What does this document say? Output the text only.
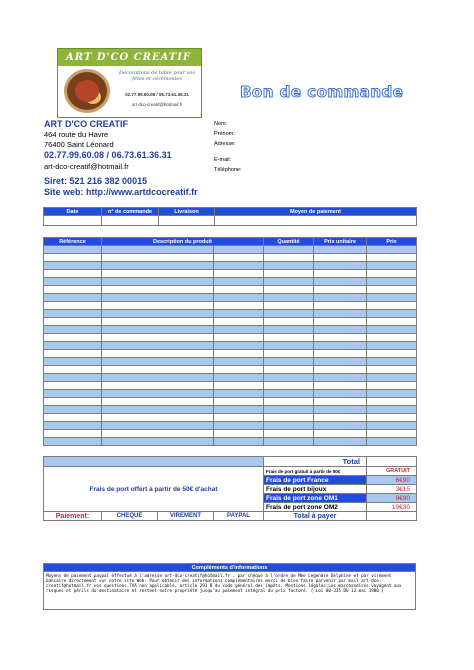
ART D'CO CREATIF
Décorations de table pour vos fêtes et cérémonies
02.77.99.60.08 / 06.73.61.36.31
art-dco-creatif@hotmail.fr
Bon de commande
ART D'CO CREATIF
464 route du Havre
76400 Saint Léonard
02.77.99.60.08 / 06.73.61.36.31
art-dco-creatif@hotmail.fr
Siret: 521 216 382 00015
Site web: http://www.artdcocreatif.fr
Nom:
Prénom:
Adresse:
E-mail:
Téléphone:
Date	n° de commande	Livraison	Moyen de paiement

Référence	Description du produit		Quantité	Prix unitaire	Prix

				Total	
Frais de port offert à partir de 50€ d'achat				Frais de port gratuit à partir de 50€	GRATUIT
				Frais de port France	6€90
				Frais de port bijoux	3€15
				Frais de port zone OM1	9€90
				Frais de port zone OM2	19€30
Paiement:	CHEQUE	VIREMENT	PAYPAL	Total à payer	
Compléments d'informations
Moyens de paiement paypal effectué à l'adresse art-dco-creatif@hotmail.fr , par chèque à l'ordre de Mme Legendre Delphine et par virement bancaire directement sur notre site Web. Pour obtenir des informations complémentaires merci de bien faire parvenir par mail art-dco-creatif@hotmail.fr vos questions.TVA non applicable, article 293 B du code général des impôts. Mentions légales:Les marchandises voyagent aux risques et périls du destinataire et restent notre propriété jusqu'au paiement intégral du prix facturé. ( Loi 80-335 DU 12 mai 1980 )
